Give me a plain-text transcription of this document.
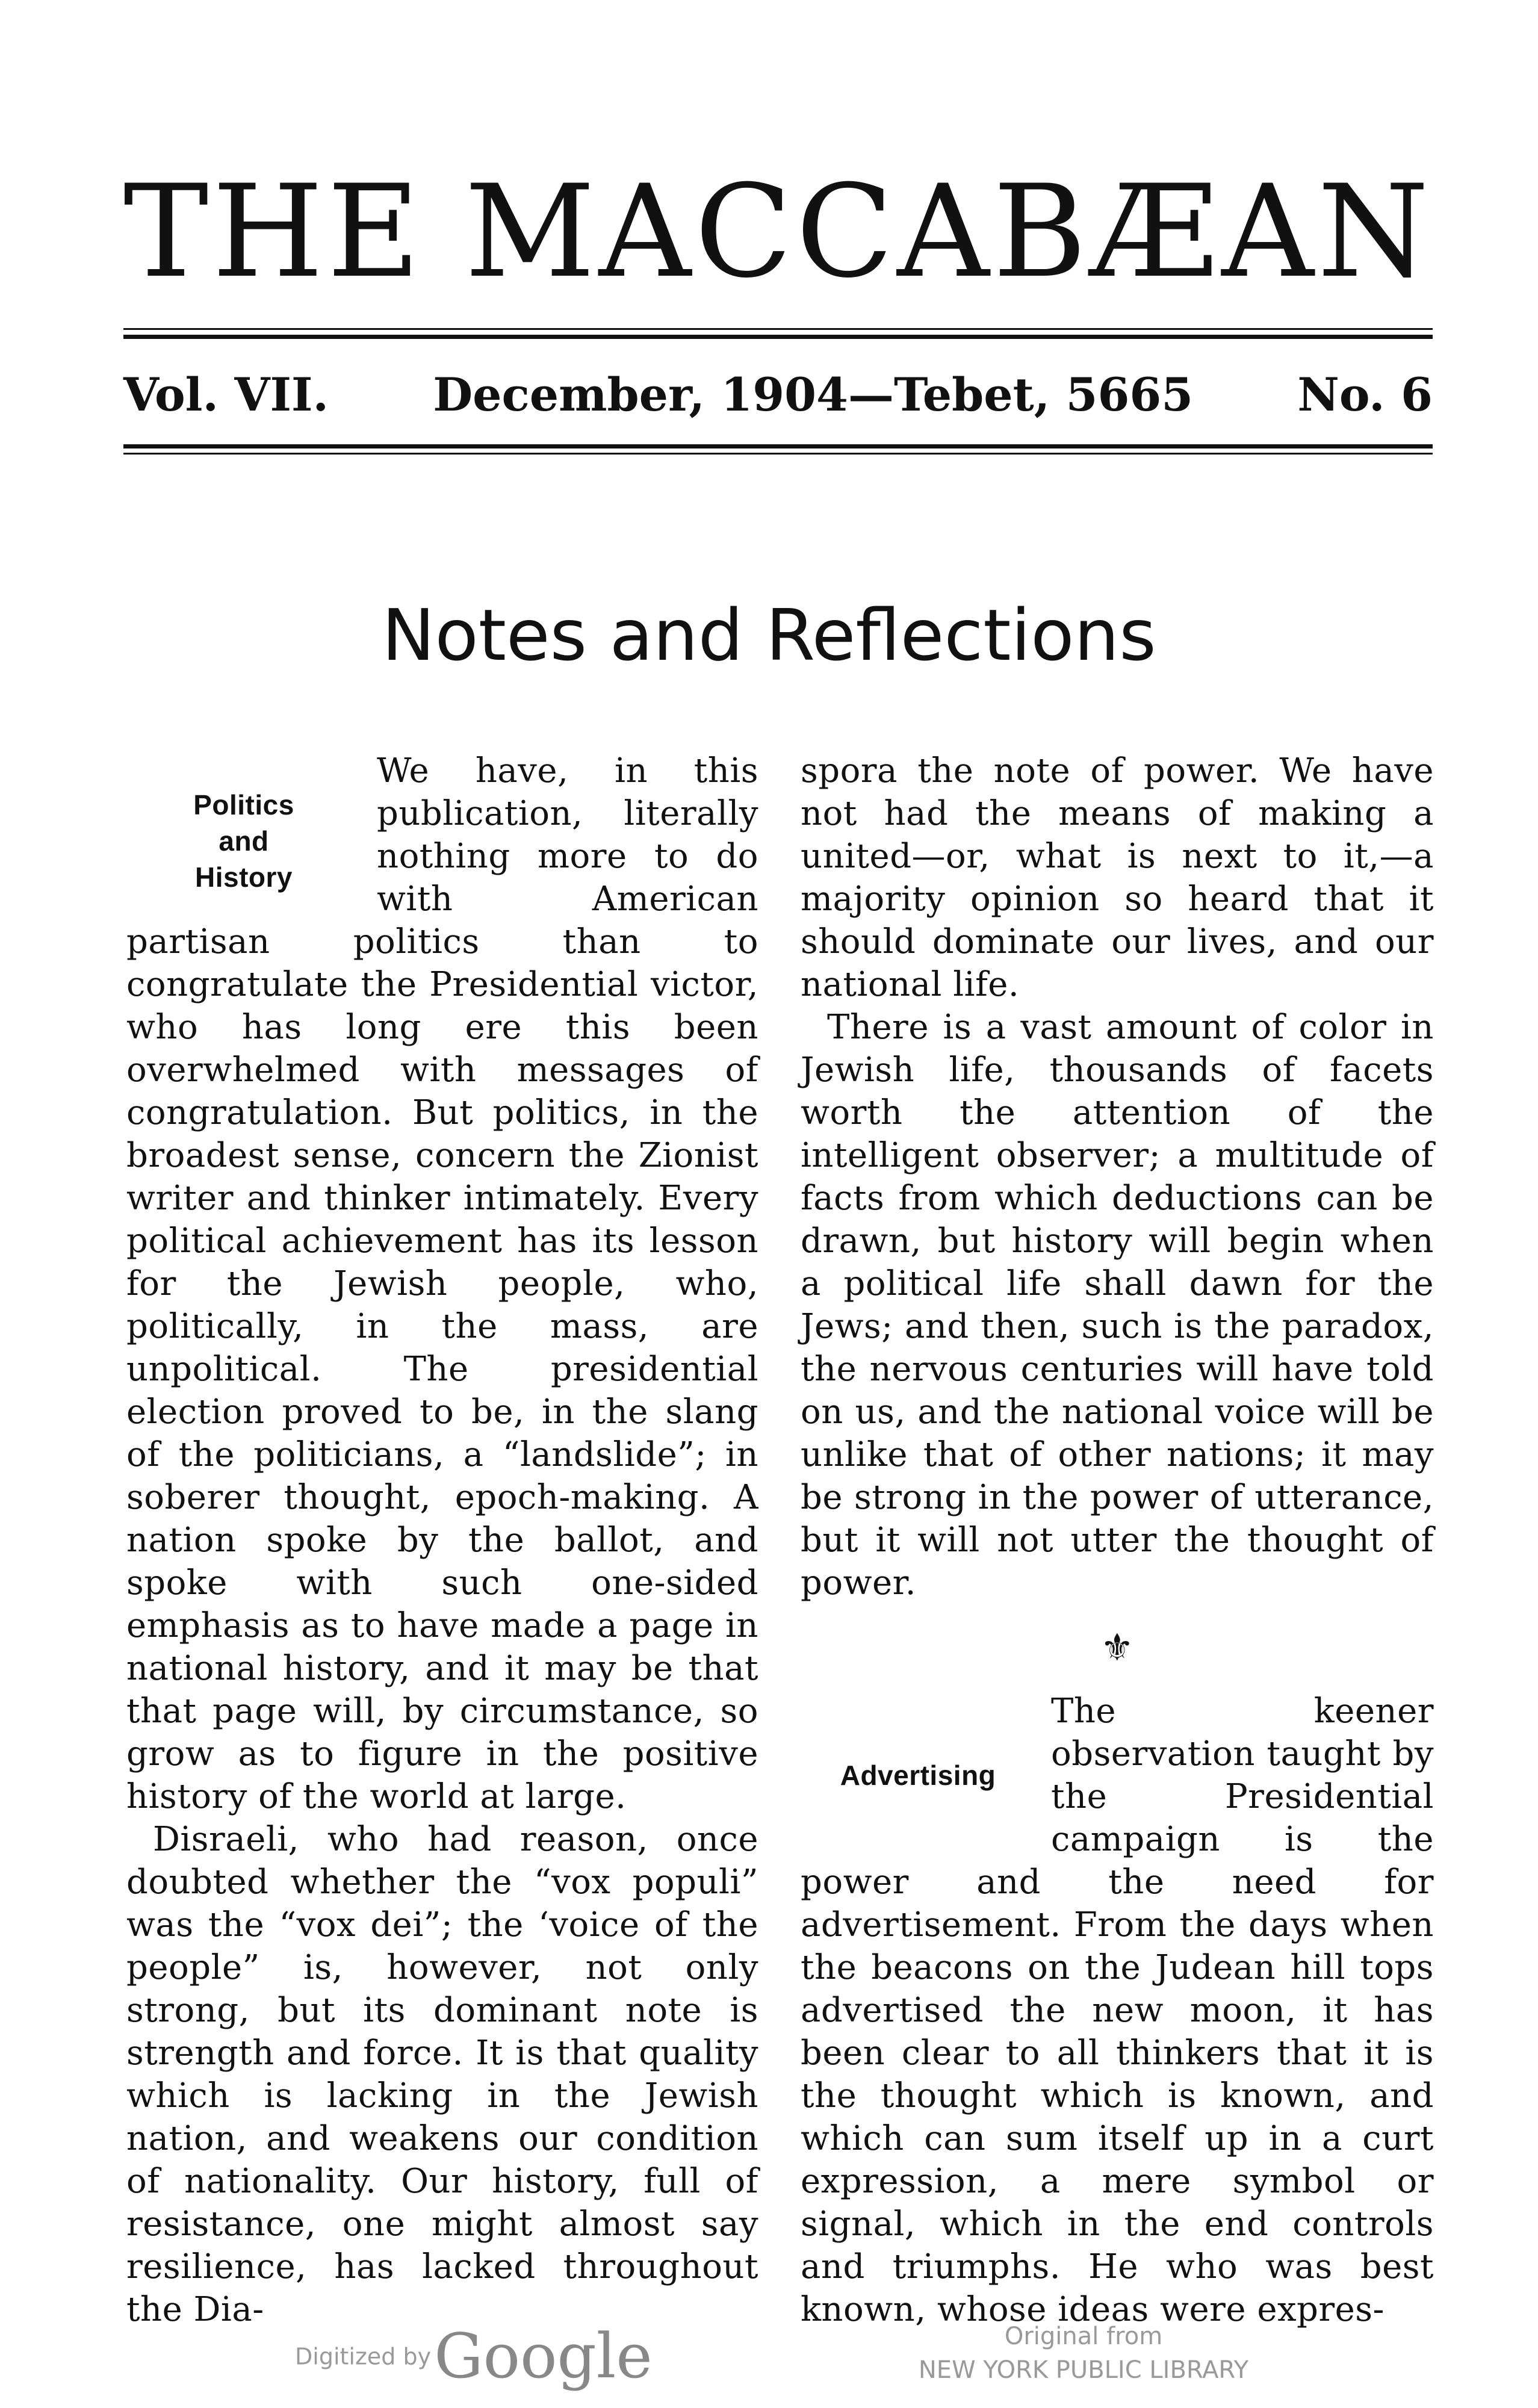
THE MACCABÆAN
Vol. VII. December, 1904—Tebet, 5665 No. 6
Notes and Reflections
Politics
and
History

We have, in this publication, literally nothing more to do with American partisan politics than to congratulate the Presidential victor, who has long ere this been overwhelmed with messages of congratulation. But politics, in the broadest sense, concern the Zionist writer and thinker intimately. Every political achievement has its lesson for the Jewish people, who, politically, in the mass, are unpolitical. The presidential election proved to be, in the slang of the politicians, a “landslide”; in soberer thought, epoch-making. A nation spoke by the ballot, and spoke with such one-sided emphasis as to have made a page in national history, and it may be that that page will, by circumstance, so grow as to figure in the positive history of the world at large.

Disraeli, who had reason, once doubted whether the “vox populi” was the “vox dei”; the ‘voice of the people” is, however, not only strong, but its dominant note is strength and force. It is that quality which is lacking in the Jewish nation, and weakens our condition of nationality. Our history, full of resistance, one might almost say resilience, has lacked throughout the Dia-

spora the note of power. We have not had the means of making a united—or, what is next to it,—a majority opinion so heard that it should dominate our lives, and our national life.

There is a vast amount of color in Jewish life, thousands of facets worth the attention of the intelligent observer; a multitude of facts from which deductions can be drawn, but history will begin when a political life shall dawn for the Jews; and then, such is the paradox, the nervous centuries will have told on us, and the national voice will be unlike that of other nations; it may be strong in the power of utterance, but it will not utter the thought of power.

⚜
Advertising

The keener observation taught by the Presidential campaign is the power and the need for advertisement. From the days when the beacons on the Judean hill tops advertised the new moon, it has been clear to all thinkers that it is the thought which is known, and which can sum itself up in a curt expression, a mere symbol or signal, which in the end controls and triumphs. He who was best known, whose ideas were expres-

Digitized by Google	Original from
NEW YORK PUBLIC LIBRARY
